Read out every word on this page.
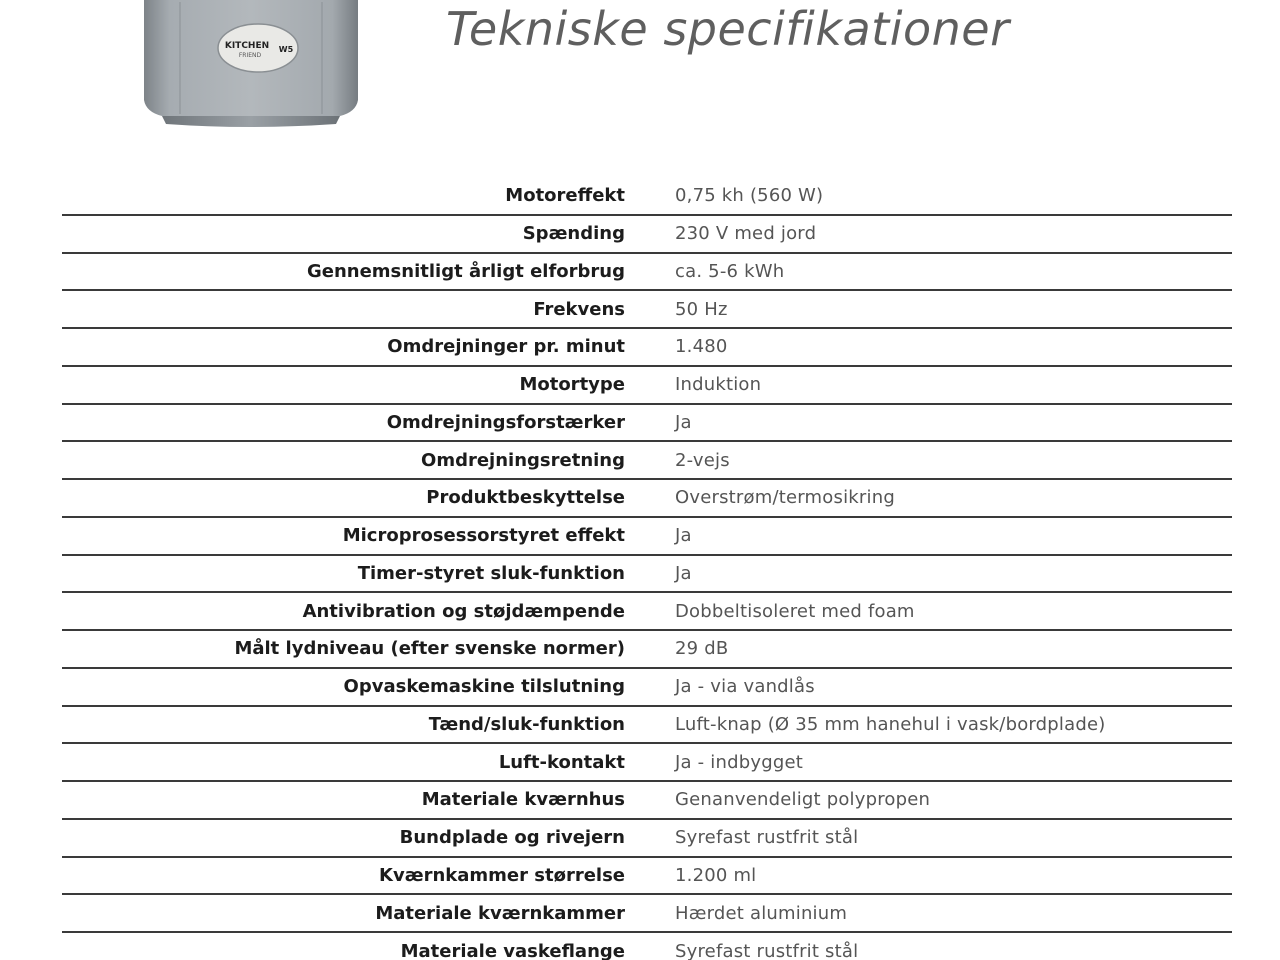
KITCHEN
FRIEND
W5	Tekniske specifikationer
Motoreffekt		0,75 kh (560 W)
Spænding		230 V med jord
Gennemsnitligt årligt elforbrug		ca. 5-6 kWh
Frekvens		50 Hz
Omdrejninger pr. minut		1.480
Motortype		Induktion
Omdrejningsforstærker		Ja
Omdrejningsretning		2-vejs
Produktbeskyttelse		Overstrøm/termosikring
Microprosessorstyret effekt		Ja
Timer-styret sluk-funktion		Ja
Antivibration og støjdæmpende		Dobbeltisoleret med foam
Målt lydniveau (efter svenske normer)		29 dB
Opvaskemaskine tilslutning		Ja - via vandlås
Tænd/sluk-funktion		Luft-knap (Ø 35 mm hanehul i vask/bordplade)
Luft-kontakt		Ja - indbygget
Materiale kværnhus		Genanvendeligt polypropen
Bundplade og rivejern		Syrefast rustfrit stål
Kværnkammer størrelse		1.200 ml
Materiale kværnkammer		Hærdet aluminium
Materiale vaskeflange		Syrefast rustfrit stål
